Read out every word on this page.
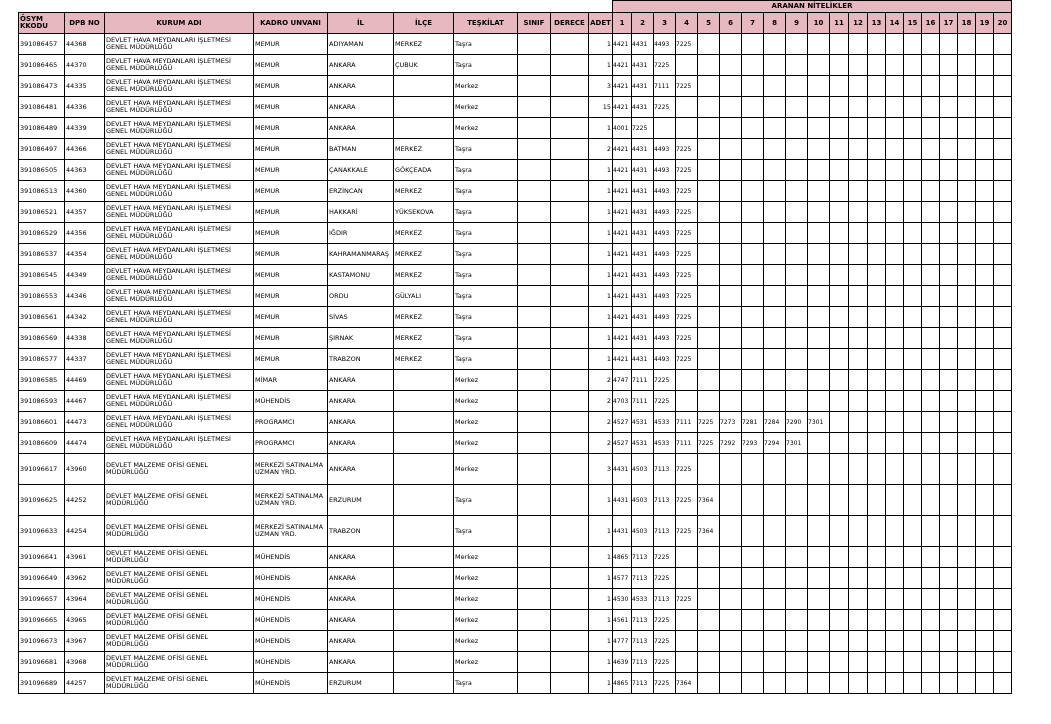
										ARANAN NİTELİKLER																			
ÖSYM KKODU	DPB NO	KURUM ADI	KADRO UNVANI	İL	İLÇE	TEŞKİLAT	SINIF	DERECE	ADET	1	2	3	4	5	6	7	8	9	10	11	12	13	14	15	16	17	18	19	20
391086457	44368	DEVLET HAVA MEYDANLARI İŞLETMESİ GENEL MÜDÜRLÜĞÜ	MEMUR	ADIYAMAN	MERKEZ	Taşra			1	4421	4431	4493	7225																
391086465	44370	DEVLET HAVA MEYDANLARI İŞLETMESİ GENEL MÜDÜRLÜĞÜ	MEMUR	ANKARA	ÇUBUK	Taşra			1	4421	4431	7225																	
391086473	44335	DEVLET HAVA MEYDANLARI İŞLETMESİ GENEL MÜDÜRLÜĞÜ	MEMUR	ANKARA		Merkez			3	4421	4431	7111	7225																
391086481	44336	DEVLET HAVA MEYDANLARI İŞLETMESİ GENEL MÜDÜRLÜĞÜ	MEMUR	ANKARA		Merkez			15	4421	4431	7225																	
391086489	44339	DEVLET HAVA MEYDANLARI İŞLETMESİ GENEL MÜDÜRLÜĞÜ	MEMUR	ANKARA		Merkez			1	4001	7225																		
391086497	44366	DEVLET HAVA MEYDANLARI İŞLETMESİ GENEL MÜDÜRLÜĞÜ	MEMUR	BATMAN	MERKEZ	Taşra			2	4421	4431	4493	7225																
391086505	44363	DEVLET HAVA MEYDANLARI İŞLETMESİ GENEL MÜDÜRLÜĞÜ	MEMUR	ÇANAKKALE	GÖKÇEADA	Taşra			1	4421	4431	4493	7225																
391086513	44360	DEVLET HAVA MEYDANLARI İŞLETMESİ GENEL MÜDÜRLÜĞÜ	MEMUR	ERZİNCAN	MERKEZ	Taşra			1	4421	4431	4493	7225																
391086521	44357	DEVLET HAVA MEYDANLARI İŞLETMESİ GENEL MÜDÜRLÜĞÜ	MEMUR	HAKKARİ	YÜKSEKOVA	Taşra			1	4421	4431	4493	7225																
391086529	44356	DEVLET HAVA MEYDANLARI İŞLETMESİ GENEL MÜDÜRLÜĞÜ	MEMUR	IĞDIR	MERKEZ	Taşra			1	4421	4431	4493	7225																
391086537	44354	DEVLET HAVA MEYDANLARI İŞLETMESİ GENEL MÜDÜRLÜĞÜ	MEMUR	KAHRAMANMARAŞ	MERKEZ	Taşra			1	4421	4431	4493	7225																
391086545	44349	DEVLET HAVA MEYDANLARI İŞLETMESİ GENEL MÜDÜRLÜĞÜ	MEMUR	KASTAMONU	MERKEZ	Taşra			1	4421	4431	4493	7225																
391086553	44346	DEVLET HAVA MEYDANLARI İŞLETMESİ GENEL MÜDÜRLÜĞÜ	MEMUR	ORDU	GÜLYALI	Taşra			1	4421	4431	4493	7225																
391086561	44342	DEVLET HAVA MEYDANLARI İŞLETMESİ GENEL MÜDÜRLÜĞÜ	MEMUR	SİVAS	MERKEZ	Taşra			1	4421	4431	4493	7225																
391086569	44338	DEVLET HAVA MEYDANLARI İŞLETMESİ GENEL MÜDÜRLÜĞÜ	MEMUR	ŞIRNAK	MERKEZ	Taşra			1	4421	4431	4493	7225																
391086577	44337	DEVLET HAVA MEYDANLARI İŞLETMESİ GENEL MÜDÜRLÜĞÜ	MEMUR	TRABZON	MERKEZ	Taşra			1	4421	4431	4493	7225																
391086585	44469	DEVLET HAVA MEYDANLARI İŞLETMESİ GENEL MÜDÜRLÜĞÜ	MİMAR	ANKARA		Merkez			2	4747	7111	7225																	
391086593	44467	DEVLET HAVA MEYDANLARI İŞLETMESİ GENEL MÜDÜRLÜĞÜ	MÜHENDİS	ANKARA		Merkez			2	4703	7111	7225																	
391086601	44473	DEVLET HAVA MEYDANLARI İŞLETMESİ GENEL MÜDÜRLÜĞÜ	PROGRAMCI	ANKARA		Merkez			2	4527	4531	4533	7111	7225	7273	7281	7284	7290	7301										
391086609	44474	DEVLET HAVA MEYDANLARI İŞLETMESİ GENEL MÜDÜRLÜĞÜ	PROGRAMCI	ANKARA		Merkez			2	4527	4531	4533	7111	7225	7292	7293	7294	7301											
391096617	43960	DEVLET MALZEME OFİSİ GENEL MÜDÜRLÜĞÜ	MERKEZİ SATINALMA UZMAN YRD.	ANKARA		Merkez			3	4431	4503	7113	7225																
391096625	44252	DEVLET MALZEME OFİSİ GENEL MÜDÜRLÜĞÜ	MERKEZİ SATINALMA UZMAN YRD.	ERZURUM		Taşra			1	4431	4503	7113	7225	7364															
391096633	44254	DEVLET MALZEME OFİSİ GENEL MÜDÜRLÜĞÜ	MERKEZİ SATINALMA UZMAN YRD.	TRABZON		Taşra			1	4431	4503	7113	7225	7364															
391096641	43961	DEVLET MALZEME OFİSİ GENEL MÜDÜRLÜĞÜ	MÜHENDİS	ANKARA		Merkez			1	4865	7113	7225																	
391096649	43962	DEVLET MALZEME OFİSİ GENEL MÜDÜRLÜĞÜ	MÜHENDİS	ANKARA		Merkez			1	4577	7113	7225																	
391096657	43964	DEVLET MALZEME OFİSİ GENEL MÜDÜRLÜĞÜ	MÜHENDİS	ANKARA		Merkez			1	4530	4533	7113	7225																
391096665	43965	DEVLET MALZEME OFİSİ GENEL MÜDÜRLÜĞÜ	MÜHENDİS	ANKARA		Merkez			1	4561	7113	7225																	
391096673	43967	DEVLET MALZEME OFİSİ GENEL MÜDÜRLÜĞÜ	MÜHENDİS	ANKARA		Merkez			1	4777	7113	7225																	
391096681	43968	DEVLET MALZEME OFİSİ GENEL MÜDÜRLÜĞÜ	MÜHENDİS	ANKARA		Merkez			1	4639	7113	7225																	
391096689	44257	DEVLET MALZEME OFİSİ GENEL MÜDÜRLÜĞÜ	MÜHENDİS	ERZURUM		Taşra			1	4865	7113	7225	7364																
